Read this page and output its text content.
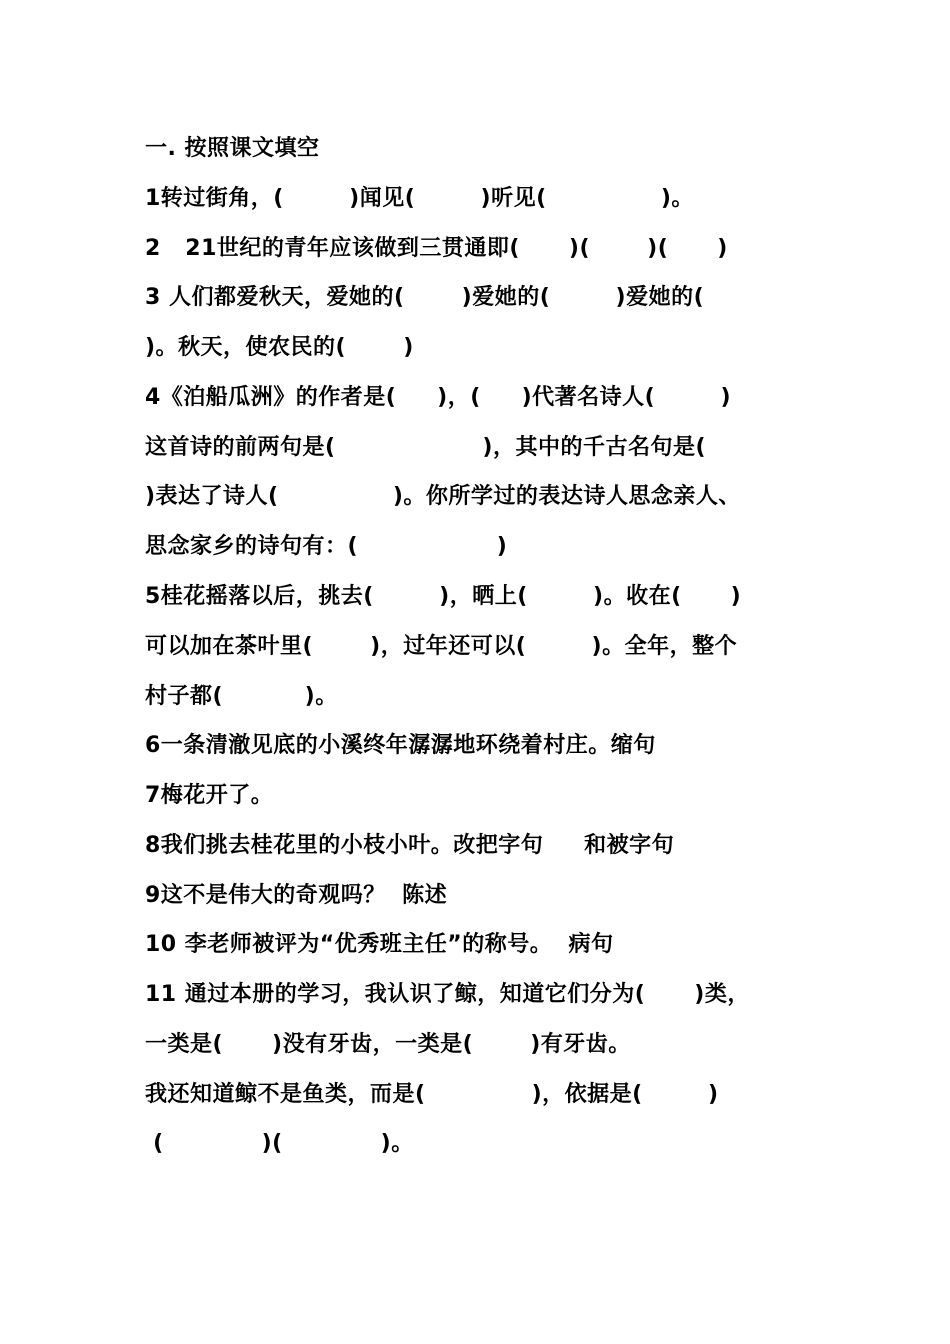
一. 按照课文填空
1转过街角，(        )闻见(        )听见(              )。
2   21世纪的青年应该做到三贯通即(      )(       )(      )
3 人们都爱秋天，爱她的(       )爱她的(        )爱她的(
)。秋天，使农民的(       )
4《泊船瓜洲》的作者是(     )，(     )代著名诗人(        )
这首诗的前两句是(                  )，其中的千古名句是(
)表达了诗人(              )。你所学过的表达诗人思念亲人、
思念家乡的诗句有：(                 )
5桂花摇落以后，挑去(        )，晒上(        )。收在(      )
可以加在茶叶里(       )，过年还可以(        )。全年，整个
村子都(          )。
6一条清澈见底的小溪终年潺潺地环绕着村庄。缩句
7梅花开了。
8我们挑去桂花里的小枝小叶。改把字句     和被字句
9这不是伟大的奇观吗？  陈述
10 李老师被评为“优秀班主任”的称号。  病句
11 通过本册的学习，我认识了鲸，知道它们分为(      )类，
一类是(      )没有牙齿，一类是(       )有牙齿。
我还知道鲸不是鱼类，而是(             )，依据是(        )
(            )(            )。
